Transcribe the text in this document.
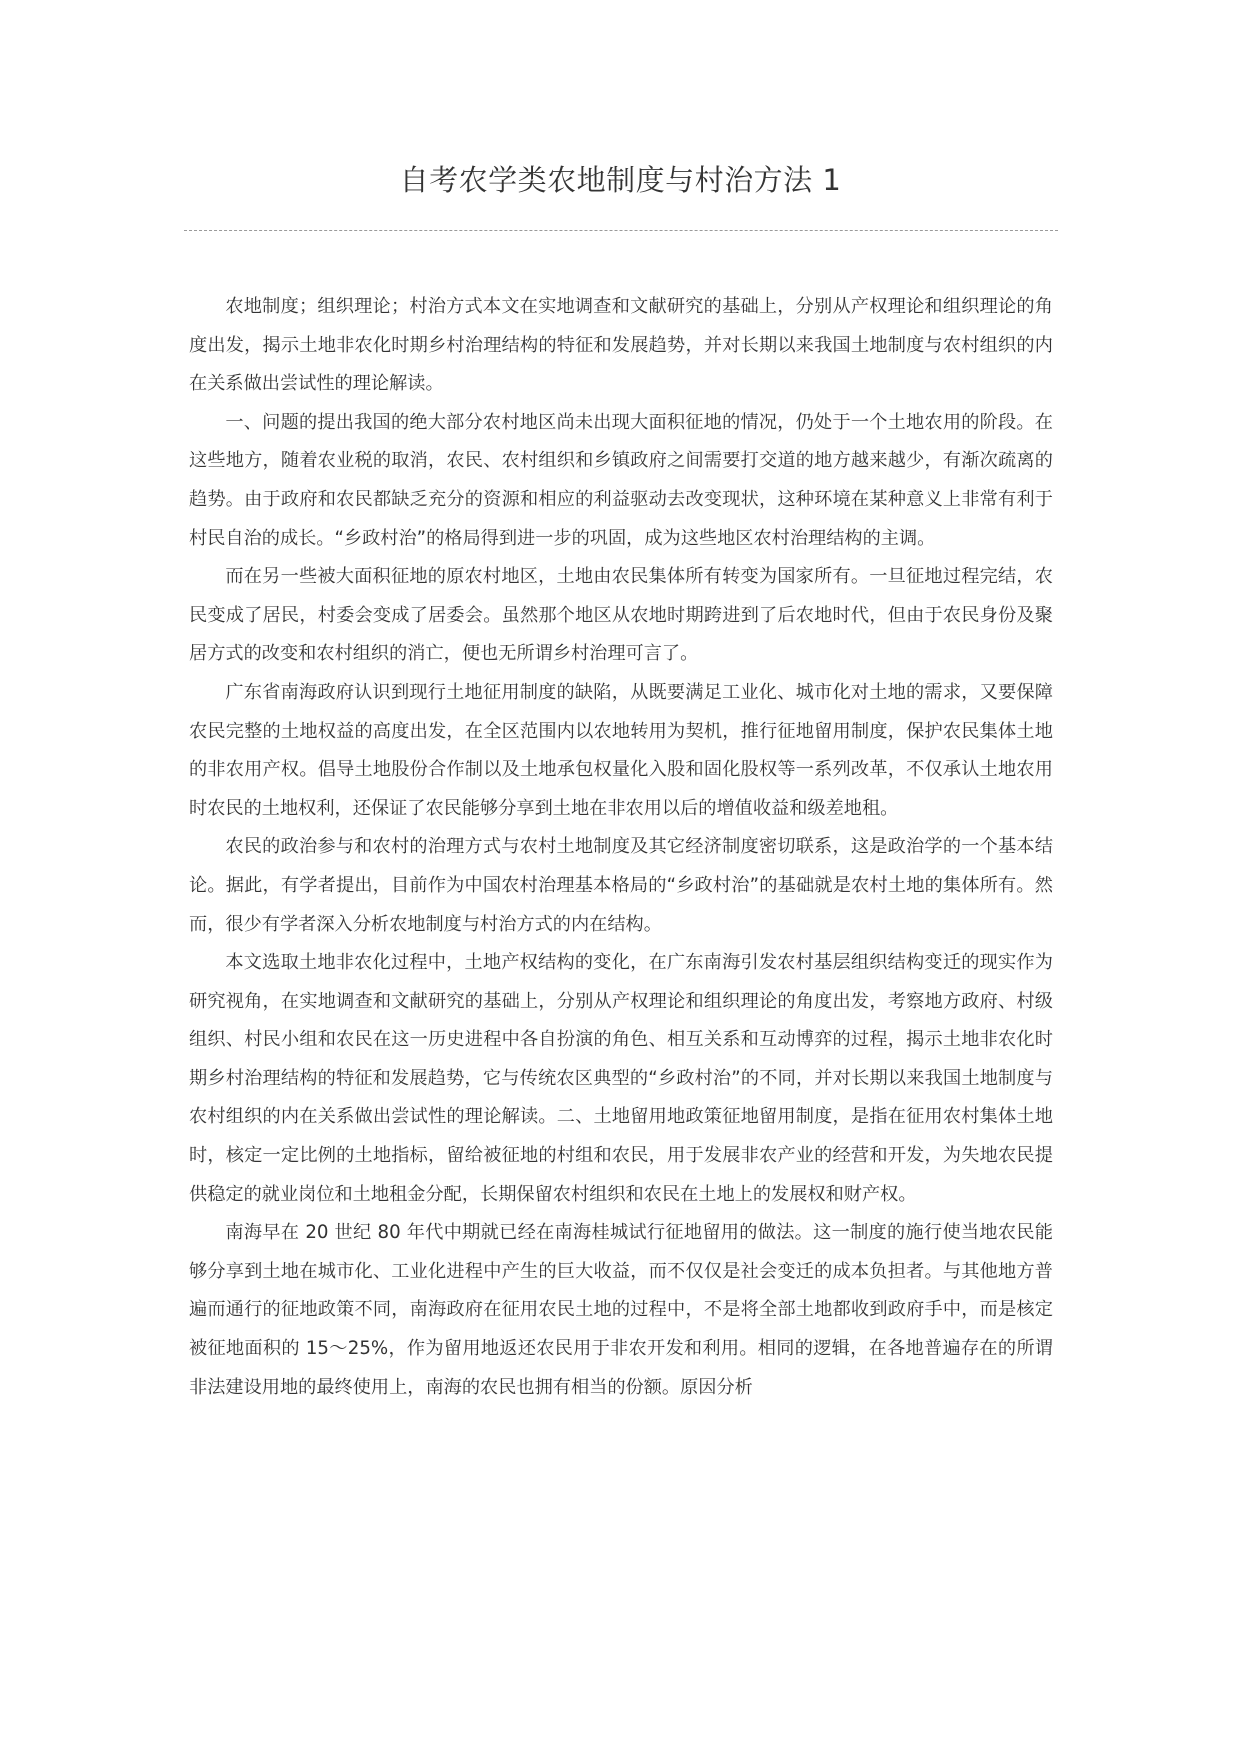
自考农学类农地制度与村治方法 1

农地制度；组织理论；村治方式本文在实地调查和文献研究的基础上，分别从产权理论和组织理论的角度出发，揭示土地非农化时期乡村治理结构的特征和发展趋势，并对长期以来我国土地制度与农村组织的内在关系做出尝试性的理论解读。

一、问题的提出我国的绝大部分农村地区尚未出现大面积征地的情况，仍处于一个土地农用的阶段。在这些地方，随着农业税的取消，农民、农村组织和乡镇政府之间需要打交道的地方越来越少，有渐次疏离的趋势。由于政府和农民都缺乏充分的资源和相应的利益驱动去改变现状，这种环境在某种意义上非常有利于村民自治的成长。“乡政村治”的格局得到进一步的巩固，成为这些地区农村治理结构的主调。

而在另一些被大面积征地的原农村地区，土地由农民集体所有转变为国家所有。一旦征地过程完结，农民变成了居民，村委会变成了居委会。虽然那个地区从农地时期跨进到了后农地时代，但由于农民身份及聚居方式的改变和农村组织的消亡，便也无所谓乡村治理可言了。

广东省南海政府认识到现行土地征用制度的缺陷，从既要满足工业化、城市化对土地的需求，又要保障农民完整的土地权益的高度出发，在全区范围内以农地转用为契机，推行征地留用制度，保护农民集体土地的非农用产权。倡导土地股份合作制以及土地承包权量化入股和固化股权等一系列改革，不仅承认土地农用时农民的土地权利，还保证了农民能够分享到土地在非农用以后的增值收益和级差地租。

农民的政治参与和农村的治理方式与农村土地制度及其它经济制度密切联系，这是政治学的一个基本结论。据此，有学者提出，目前作为中国农村治理基本格局的“乡政村治”的基础就是农村土地的集体所有。然而，很少有学者深入分析农地制度与村治方式的内在结构。

本文选取土地非农化过程中，土地产权结构的变化，在广东南海引发农村基层组织结构变迁的现实作为研究视角，在实地调查和文献研究的基础上，分别从产权理论和组织理论的角度出发，考察地方政府、村级组织、村民小组和农民在这一历史进程中各自扮演的角色、相互关系和互动博弈的过程，揭示土地非农化时期乡村治理结构的特征和发展趋势，它与传统农区典型的“乡政村治”的不同，并对长期以来我国土地制度与农村组织的内在关系做出尝试性的理论解读。二、土地留用地政策征地留用制度，是指在征用农村集体土地时，核定一定比例的土地指标，留给被征地的村组和农民，用于发展非农产业的经营和开发，为失地农民提供稳定的就业岗位和土地租金分配，长期保留农村组织和农民在土地上的发展权和财产权。

南海早在 20 世纪 80 年代中期就已经在南海桂城试行征地留用的做法。这一制度的施行使当地农民能够分享到土地在城市化、工业化进程中产生的巨大收益，而不仅仅是社会变迁的成本负担者。与其他地方普遍而通行的征地政策不同，南海政府在征用农民土地的过程中，不是将全部土地都收到政府手中，而是核定被征地面积的 15～25%，作为留用地返还农民用于非农开发和利用。相同的逻辑，在各地普遍存在的所谓非法建设用地的最终使用上，南海的农民也拥有相当的份额。原因分析
